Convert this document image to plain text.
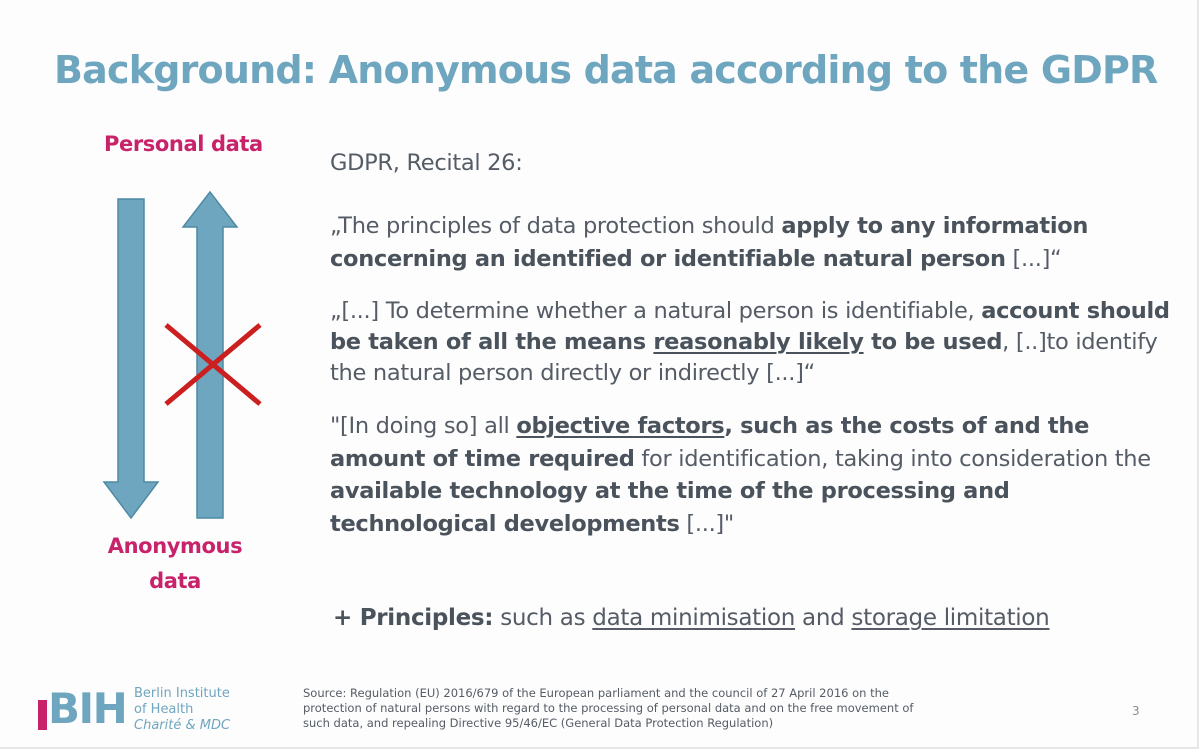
Background: Anonymous data according to the GDPR
Personal data
Anonymous
data

GDPR, Recital 26:

„The principles of data protection should apply to any information concerning an identified or identifiable natural person [...]“

„[...] To determine whether a natural person is identifiable, account should be taken of all the means reasonably likely to be used, [..]to identify the natural person directly or indirectly [...]“

"[In doing so] all objective factors, such as the costs of and the amount of time required for identification, taking into consideration the available technology at the time of the processing and technological developments [...]"

+ Principles: such as data minimisation and storage limitation
BIH Berlin Institute
of Health
Charité & MDC
Source: Regulation (EU) 2016/679 of the European parliament and the council of 27 April 2016 on the protection of natural persons with regard to the processing of personal data and on the free movement of such data, and repealing Directive 95/46/EC (General Data Protection Regulation)
3
